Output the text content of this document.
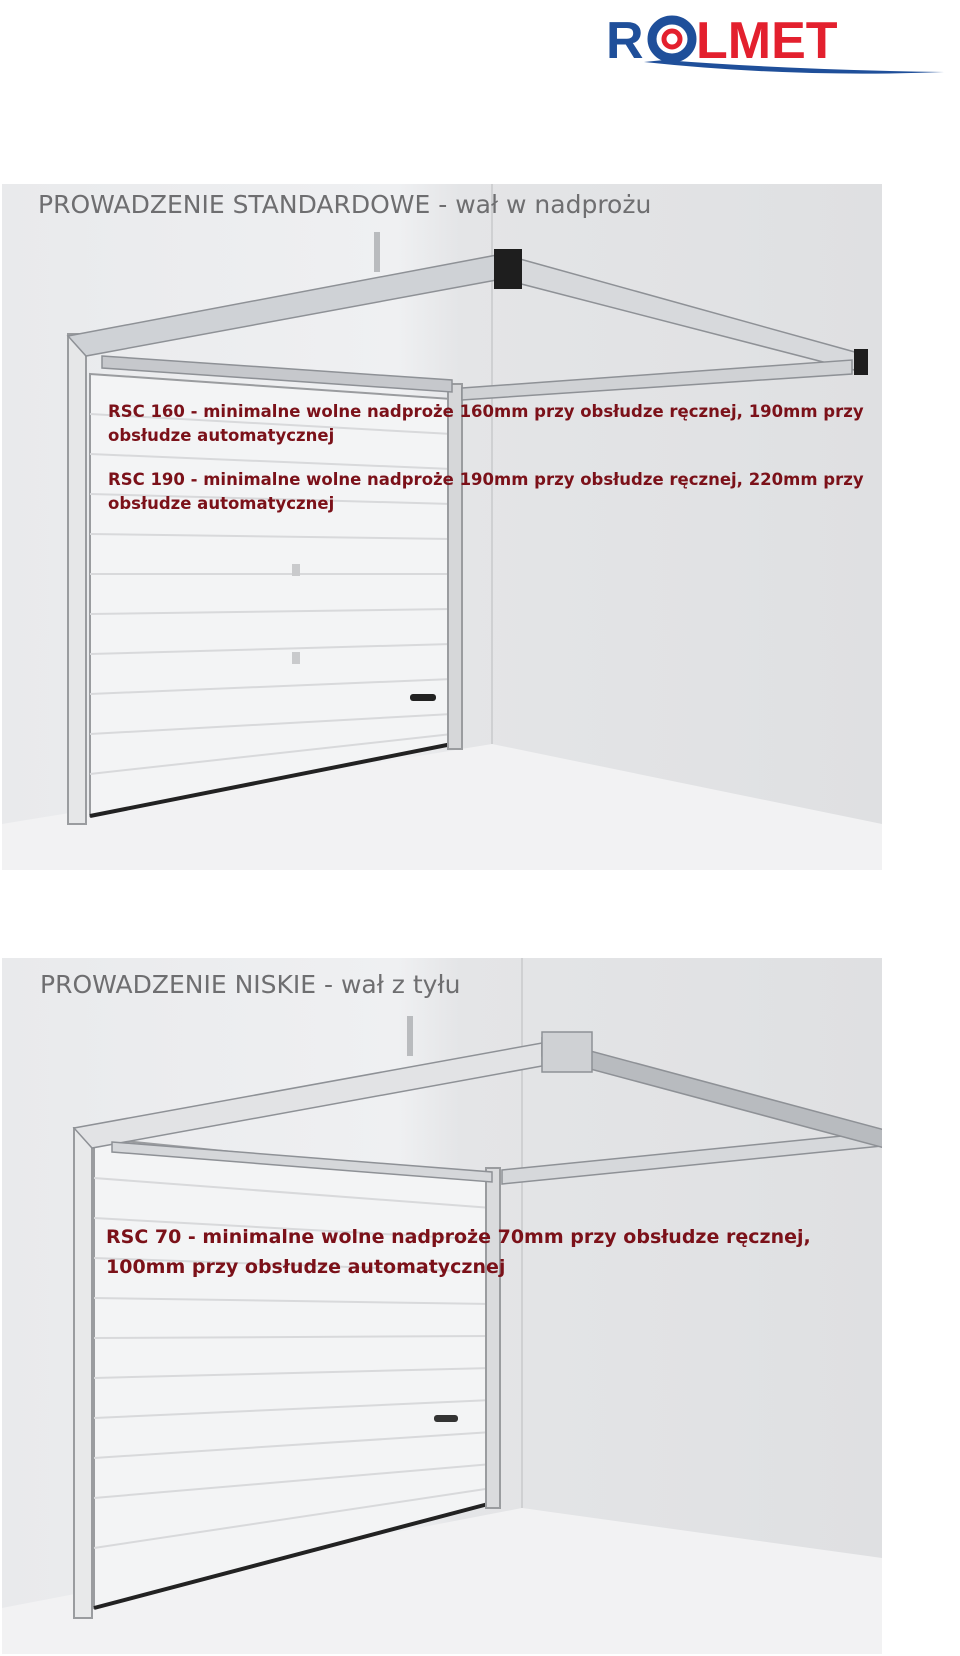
R LMET
PROWADZENIE STANDARDOWE - wał w nadprożu
RSC 160 - minimalne wolne nadproże 160mm przy obsłudze ręcznej, 190mm przy
obsłudze automatycznej
RSC 190 - minimalne wolne nadproże 190mm przy obsłudze ręcznej, 220mm przy
obsłudze automatycznej
PROWADZENIE NISKIE - wał z tyłu
RSC 70 - minimalne wolne nadproże 70mm przy obsłudze ręcznej,
100mm przy obsłudze automatycznej
